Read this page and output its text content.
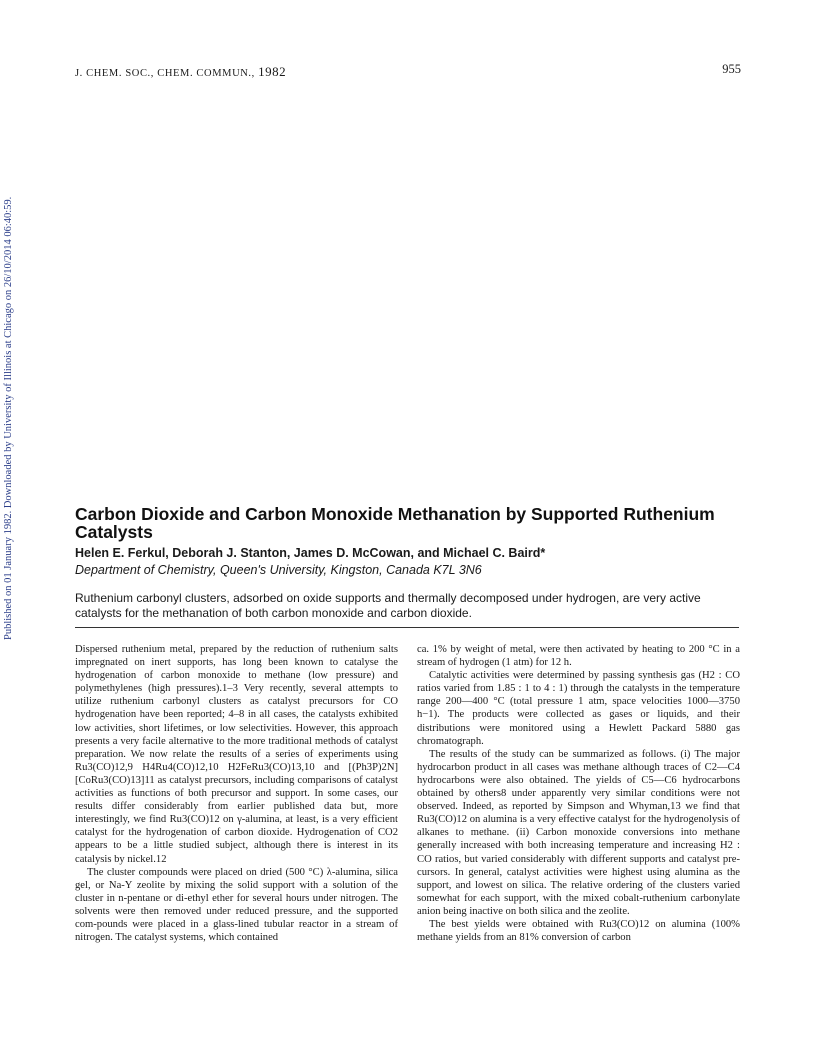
Published on 01 January 1982. Downloaded by University of Illinois at Chicago on 26/10/2014 06:40:59.
J. CHEM. SOC., CHEM. COMMUN., 1982	955
Carbon Dioxide and Carbon Monoxide Methanation by Supported Ruthenium Catalysts
Helen E. Ferkul, Deborah J. Stanton, James D. McCowan, and Michael C. Baird*
Department of Chemistry, Queen's University, Kingston, Canada K7L 3N6

Ruthenium carbonyl clusters, adsorbed on oxide supports and thermally decomposed under hydrogen, are very active catalysts for the methanation of both carbon monoxide and carbon dioxide.

Dispersed ruthenium metal, prepared by the reduction of ruthenium salts impregnated on inert supports, has long been known to catalyse the hydrogenation of carbon monoxide to methane (low pressure) and polymethylenes (high pressures).1–3 Very recently, several attempts to utilize ruthenium carbonyl clusters as catalyst precursors for CO hydrogenation have been reported; 4–8 in all cases, the catalysts exhibited low activities, short lifetimes, or low selectivities. However, this approach presents a very facile alternative to the more traditional methods of catalyst preparation. We now relate the results of a series of experiments using Ru3(CO)12,9 H4Ru4(CO)12,10 H2FeRu3(CO)13,10 and [(Ph3P)2N][CoRu3(CO)13]11 as catalyst precursors, including comparisons of catalyst activities as functions of both precursor and support. In some cases, our results differ considerably from earlier published data but, more interestingly, we find Ru3(CO)12 on γ-alumina, at least, is a very efficient catalyst for the hydrogenation of carbon dioxide. Hydrogenation of CO2 appears to be a little studied subject, although there is interest in its catalysis by nickel.12

The cluster compounds were placed on dried (500 °C) λ-alumina, silica gel, or Na-Y zeolite by mixing the solid support with a solution of the cluster in n-pentane or di-ethyl ether for several hours under nitrogen. The solvents were then removed under reduced pressure, and the supported com-pounds were placed in a glass-lined tubular reactor in a stream of nitrogen. The catalyst systems, which contained

ca. 1% by weight of metal, were then activated by heating to 200 °C in a stream of hydrogen (1 atm) for 12 h.

Catalytic activities were determined by passing synthesis gas (H2 : CO ratios varied from 1.85 : 1 to 4 : 1) through the catalysts in the temperature range 200—400 °C (total pressure 1 atm, space velocities 1000—3750 h−1). The products were collected as gases or liquids, and their distributions were monitored using a Hewlett Packard 5880 gas chromatograph.

The results of the study can be summarized as follows. (i) The major hydrocarbon product in all cases was methane although traces of C2—C4 hydrocarbons were also obtained. The yields of C5—C6 hydrocarbons obtained by others8 under apparently very similar conditions were not observed. Indeed, as reported by Simpson and Whyman,13 we find that Ru3(CO)12 on alumina is a very effective catalyst for the hydrogenolysis of alkanes to methane. (ii) Carbon monoxide conversions into methane generally increased with both increasing temperature and increasing H2 : CO ratios, but varied considerably with different supports and catalyst pre-cursors. In general, catalyst activities were highest using alumina as the support, and lowest on silica. The relative ordering of the clusters varied somewhat for each support, with the mixed cobalt-ruthenium carbonylate anion being inactive on both silica and the zeolite.

The best yields were obtained with Ru3(CO)12 on alumina (100% methane yields from an 81% conversion of carbon
